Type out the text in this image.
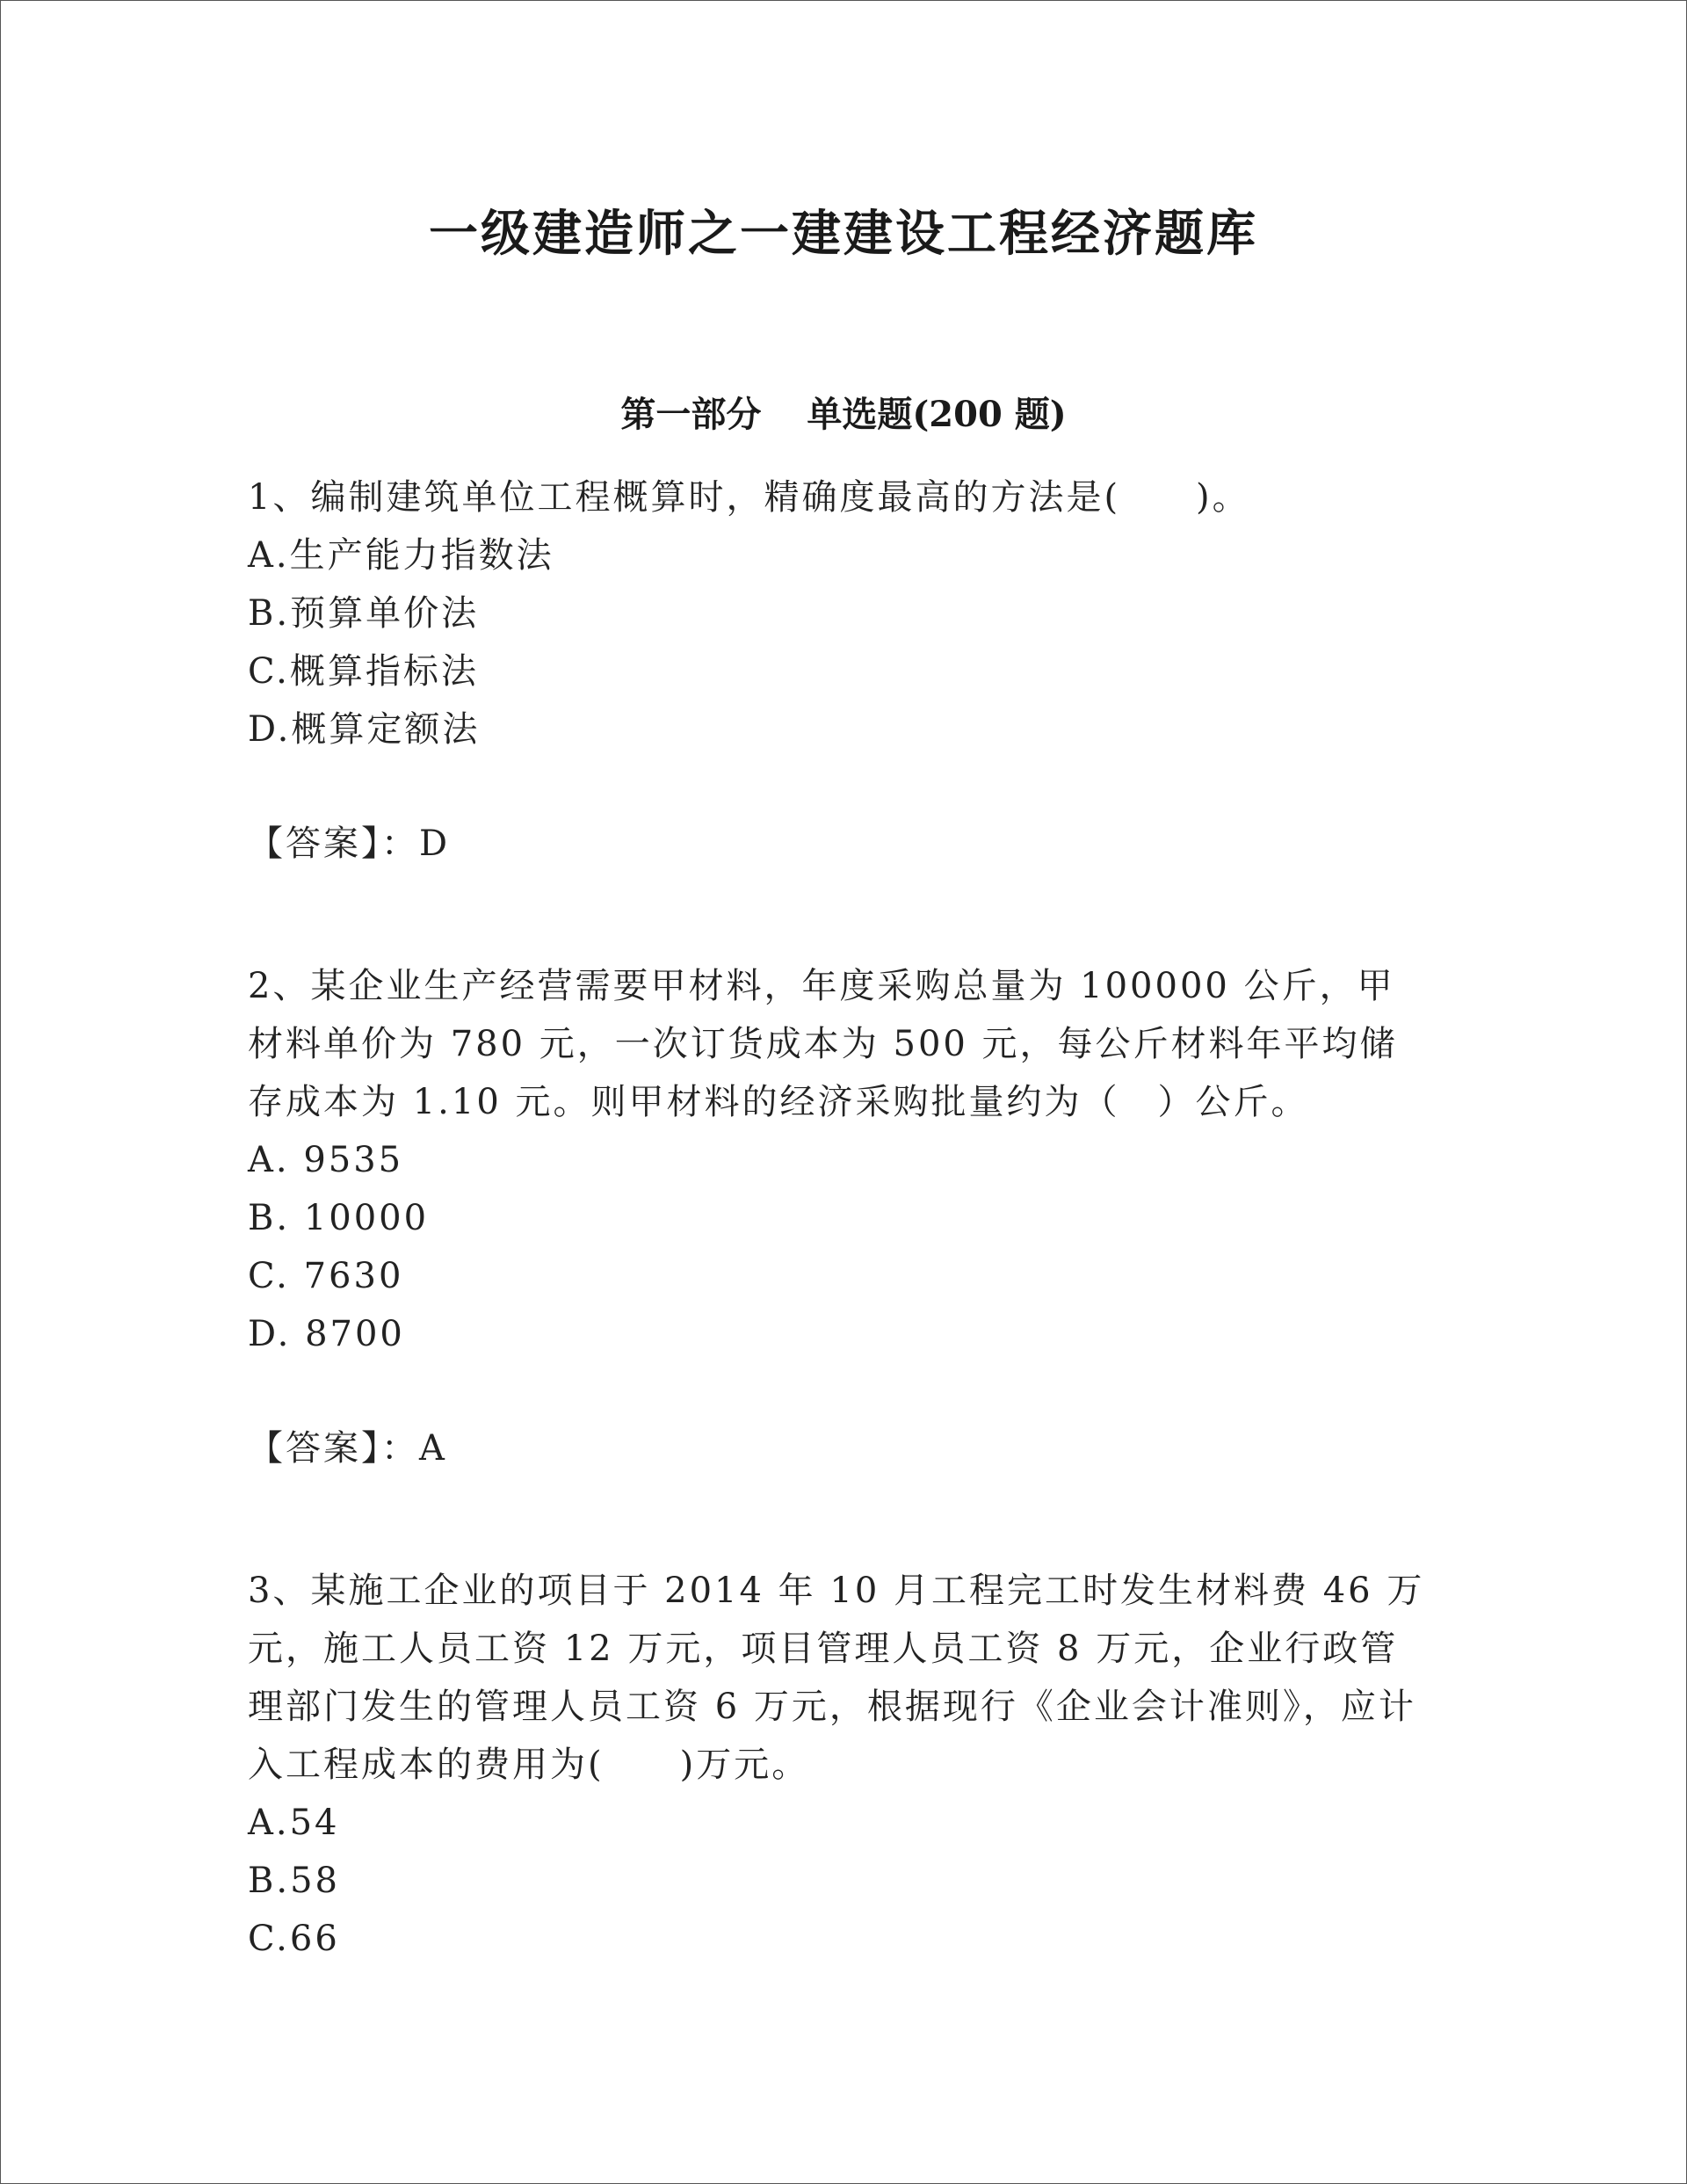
一级建造师之一建建设工程经济题库
第一部分 单选题(200 题)

1、编制建筑单位工程概算时，精确度最高的方法是(　　)。

A.生产能力指数法

B.预算单价法

C.概算指标法

D.概算定额法

【答案】：D

2、某企业生产经营需要甲材料，年度采购总量为 100000 公斤，甲材料单价为 780 元，一次订货成本为 500 元，每公斤材料年平均储存成本为 1.10 元。则甲材料的经济采购批量约为（　）公斤。

A. 9535

B. 10000

C. 7630

D. 8700

【答案】：A

3、某施工企业的项目于 2014 年 10 月工程完工时发生材料费 46 万元，施工人员工资 12 万元，项目管理人员工资 8 万元，企业行政管理部门发生的管理人员工资 6 万元，根据现行《企业会计准则》，应计入工程成本的费用为(　　)万元。

A.54

B.58

C.66
